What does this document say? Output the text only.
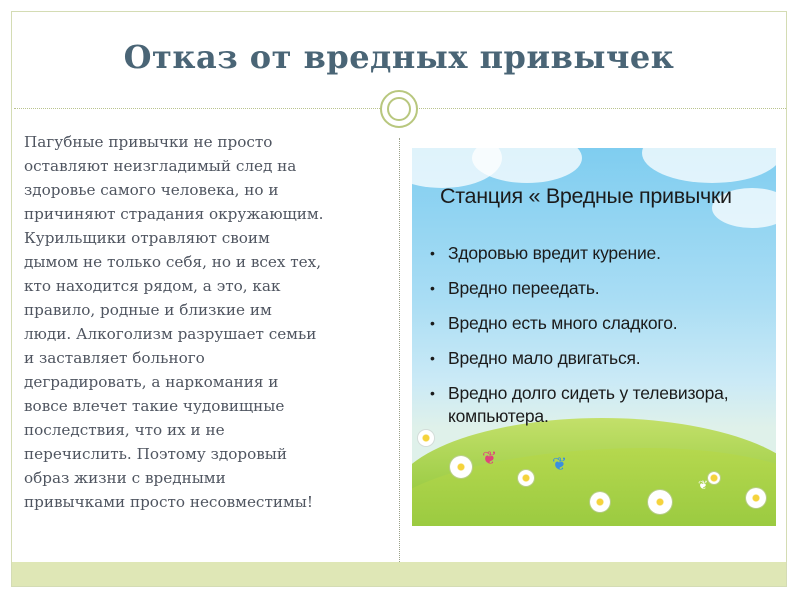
Отказ от вредных привычек
Пагубные привычки не просто
оставляют неизгладимый след на
здоровье самого человека, но и
причиняют страдания окружающим.
Курильщики отравляют своим
дымом не только себя, но и всех тех,
кто находится рядом, а это, как
правило, родные и близкие им
люди. Алкоголизм разрушает семьи
и заставляет больного
деградировать, а наркомания и
вовсе влечет такие чудовищные
последствия, что их и не
перечислить. Поэтому здоровый
образ жизни с вредными
привычками просто несовместимы!
❦	❦
❦
Станция « Вредные привычки
• Здоровью вредит курение.
• Вредно переедать.
• Вредно есть много сладкого.
• Вредно мало двигаться.
• Вредно долго сидеть у телевизора, компьютера.
